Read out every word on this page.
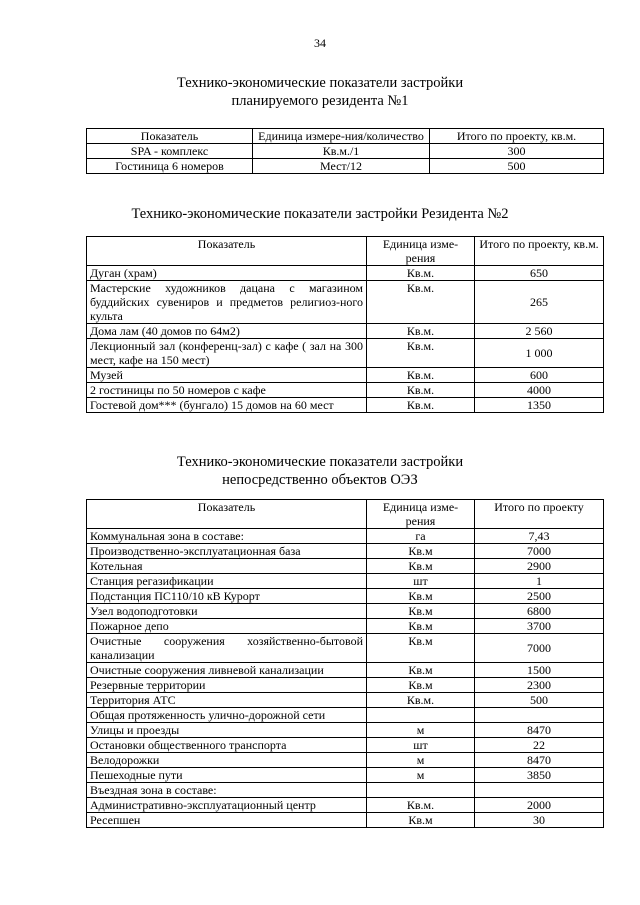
34
Технико-экономические показатели застройки
планируемого резидента №1
Показатель	Единица измере-ния/количество	Итого по проекту, кв.м.
SPA - комплекс	Кв.м./1	300
Гостиница 6 номеров	Мест/12	500
Технико-экономические показатели застройки Резидента №2
Показатель	Единица изме-рения	Итого по проекту, кв.м.
Дуган (храм)	Кв.м.	650
Мастерские художников дацана с магазином буддийских сувениров и предметов религиоз-ного культа	Кв.м.	265
Дома лам (40 домов по 64м2)	Кв.м.	2 560
Лекционный зал (конференц-зал) с кафе ( зал на 300 мест, кафе на 150 мест)	Кв.м.	1 000
Музей	Кв.м.	600
2 гостиницы по 50 номеров с кафе	Кв.м.	4000
Гостевой дом*** (бунгало) 15 домов на 60 мест	Кв.м.	1350
Технико-экономические показатели застройки
непосредственно объектов ОЭЗ
Показатель	Единица изме-рения	Итого по проекту
Коммунальная зона в составе:	га	7,43
Производственно-эксплуатационная база	Кв.м	7000
Котельная	Кв.м	2900
Станция регазификации	шт	1
Подстанция ПС110/10 кВ Курорт	Кв.м	2500
Узел водоподготовки	Кв.м	6800
Пожарное депо	Кв.м	3700
Очистные сооружения хозяйственно-бытовой канализации	Кв.м	7000
Очистные сооружения ливневой канализации	Кв.м	1500
Резервные территории	Кв.м	2300
Территория АТС	Кв.м.	500
Общая протяженность улично-дорожной сети		
Улицы и проезды	м	8470
Остановки общественного транспорта	шт	22
Велодорожки	м	8470
Пешеходные пути	м	3850
Въездная зона в составе:		
Административно-эксплуатационный центр	Кв.м.	2000
Ресепшен	Кв.м	30
